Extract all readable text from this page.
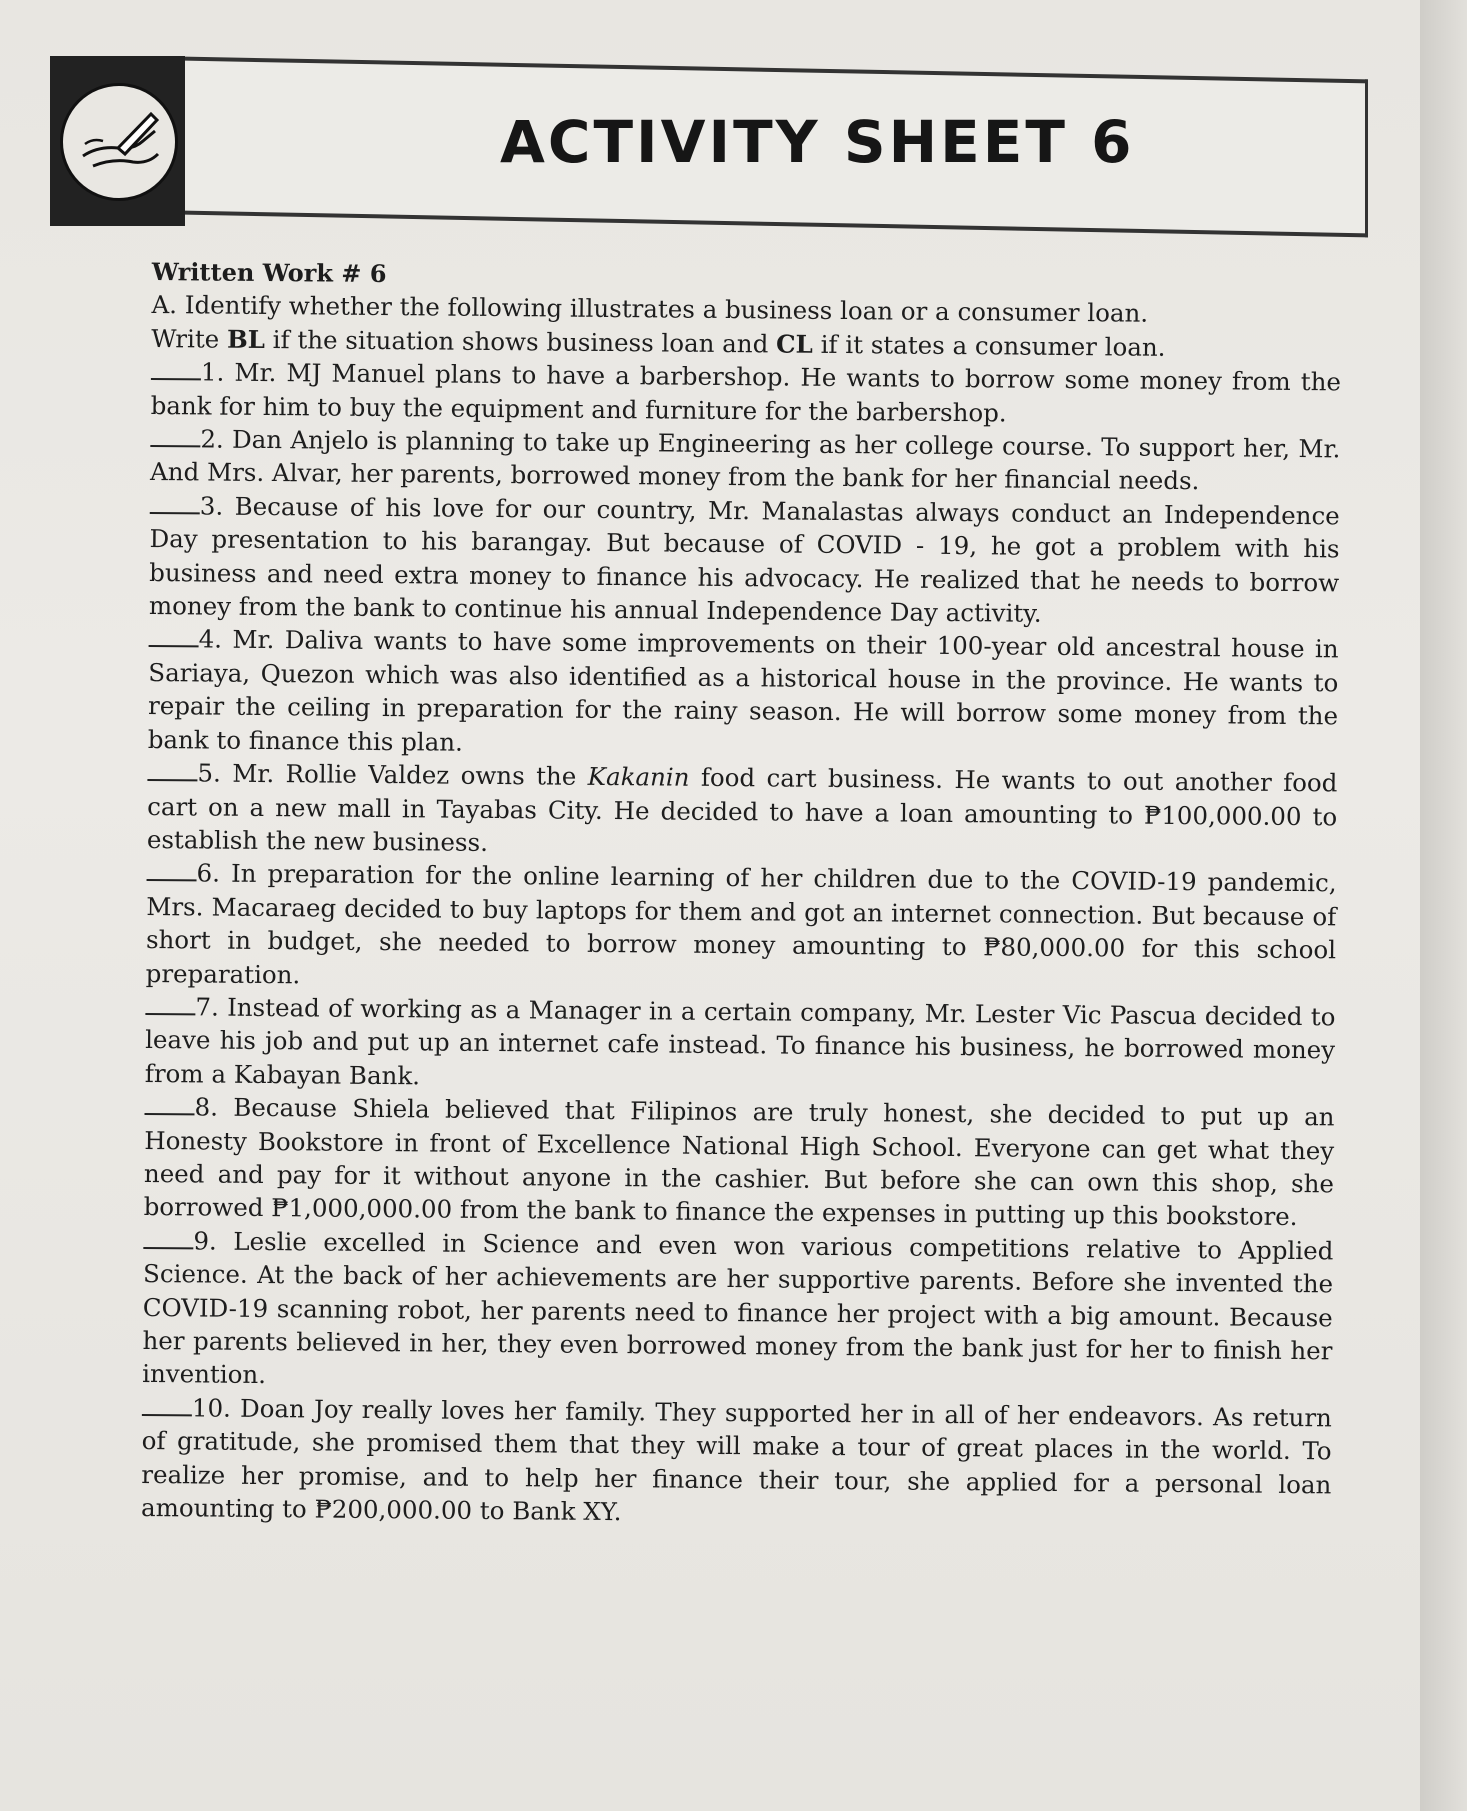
ACTIVITY SHEET 6
Written Work # 6
A. Identify whether the following illustrates a business loan or a consumer loan.
Write BL if the situation shows business loan and CL if it states a consumer loan.
1. Mr. MJ Manuel plans to have a barbershop. He wants to borrow some money from the bank for him to buy the equipment and furniture for the barbershop.
2. Dan Anjelo is planning to take up Engineering as her college course. To support her, Mr. And Mrs. Alvar, her parents, borrowed money from the bank for her financial needs.
3. Because of his love for our country, Mr. Manalastas always conduct an Independence Day presentation to his barangay. But because of COVID - 19, he got a problem with his business and need extra money to finance his advocacy. He realized that he needs to borrow money from the bank to continue his annual Independence Day activity.
4. Mr. Daliva wants to have some improvements on their 100-year old ancestral house in Sariaya, Quezon which was also identified as a historical house in the province. He wants to repair the ceiling in preparation for the rainy season. He will borrow some money from the bank to finance this plan.
5. Mr. Rollie Valdez owns the Kakanin food cart business. He wants to out another food cart on a new mall in Tayabas City. He decided to have a loan amounting to ₱100,000.00 to establish the new business.
6. In preparation for the online learning of her children due to the COVID-19 pandemic, Mrs. Macaraeg decided to buy laptops for them and got an internet connection. But because of short in budget, she needed to borrow money amounting to ₱80,000.00 for this school preparation.
7. Instead of working as a Manager in a certain company, Mr. Lester Vic Pascua decided to leave his job and put up an internet cafe instead. To finance his business, he borrowed money from a Kabayan Bank.
8. Because Shiela believed that Filipinos are truly honest, she decided to put up an Honesty Bookstore in front of Excellence National High School. Everyone can get what they need and pay for it without anyone in the cashier. But before she can own this shop, she borrowed ₱1,000,000.00 from the bank to finance the expenses in putting up this bookstore.
9. Leslie excelled in Science and even won various competitions relative to Applied Science. At the back of her achievements are her supportive parents. Before she invented the COVID-19 scanning robot, her parents need to finance her project with a big amount. Because her parents believed in her, they even borrowed money from the bank just for her to finish her invention.
10. Doan Joy really loves her family. They supported her in all of her endeavors. As return of gratitude, she promised them that they will make a tour of great places in the world. To realize her promise, and to help her finance their tour, she applied for a personal loan amounting to ₱200,000.00 to Bank XY.
